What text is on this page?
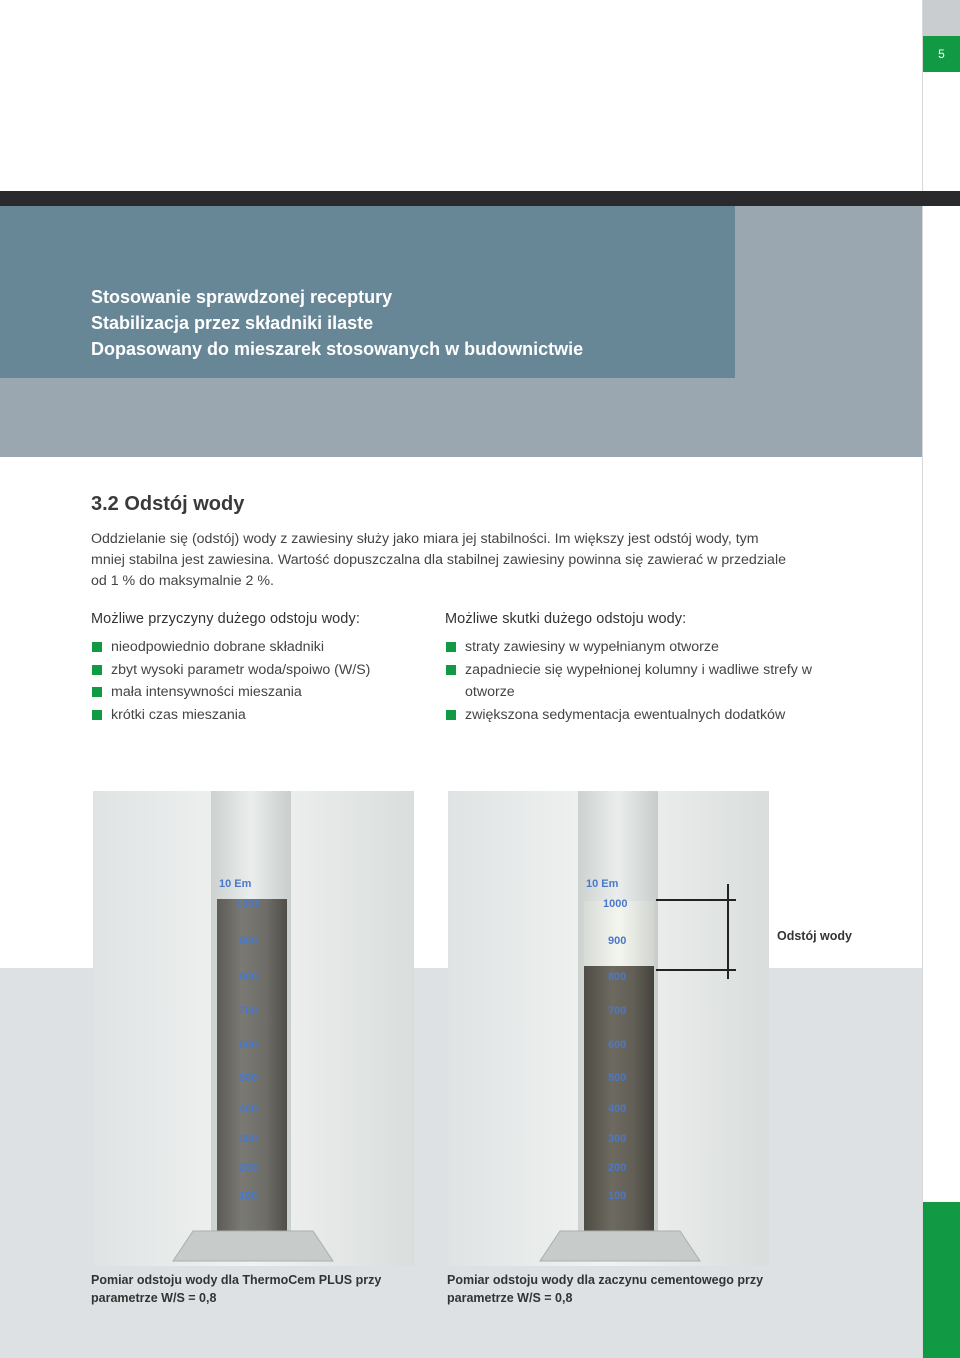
5
Stosowanie sprawdzonej receptury
Stabilizacja przez składniki ilaste
Dopasowany do mieszarek stosowanych w budownictwie
3.2 Odstój wody

Oddzielanie się (odstój) wody z zawiesiny służy jako miara jej stabilności. Im większy jest odstój wody, tym mniej stabilna jest zawiesina. Wartość dopuszczalna dla stabilnej zawiesiny powinna się zawierać w przedziale od 1 % do maksymalnie 2 %.

Możliwe przyczyny dużego odstoju wody:
nieodpowiednio dobrane składniki
zbyt wysoki parametr woda/spoiwo (W/S)
mała intensywności mieszania
krótki czas mieszania
Możliwe skutki dużego odstoju wody:
straty zawiesiny w wypełnianym otworze
zapadniecie się wypełnionej kolumny i wadliwe strefy w otworze
zwiększona sedymentacja ewentualnych dodatków
10 Em
1000
900
800
700
600
500
400
300
200
100
10 Em
1000
900
800
700
600
500
400
300
200
100
Odstój wody
Pomiar odstoju wody dla ThermoCem PLUS przy parametrze W/S = 0,8
Pomiar odstoju wody dla zaczynu cementowego przy parametrze W/S = 0,8
